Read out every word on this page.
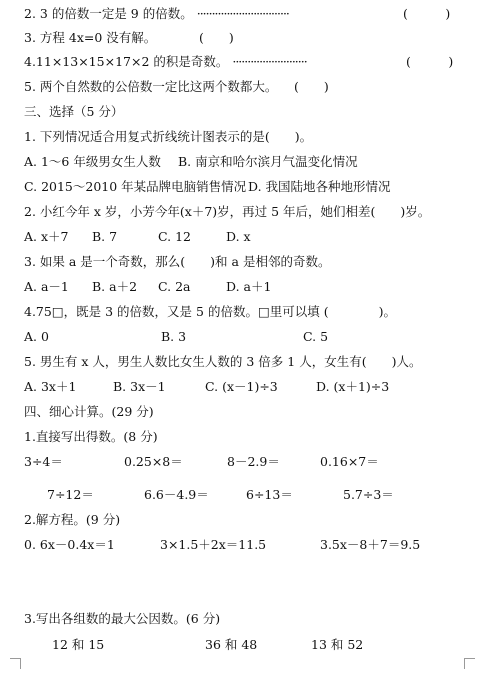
2. 3 的倍数一定是 9 的倍数。 ·······························	(　　　)
3. 方程 4x=0 没有解。	(　　)
4.11×13×15×17×2 的积是奇数。 ·························	(　　　)
5. 两个自然数的公倍数一定比这两个数都大。 (　　)
三、选择（5 分）
1. 下列情况适合用复式折线统计图表示的是(　　)。
A. 1～6 年级男女生人数 B. 南京和哈尔滨月气温变化情况
C. 2015～2010 年某品牌电脑销售情况 D. 我国陆地各种地形情况
2. 小红今年 x 岁，小芳今年(x＋7)岁，再过 5 年后，她们相差(　　)岁。
A. x＋7 B. 7	C. 12	D. x
3. 如果 a 是一个奇数，那么(　　)和 a 是相邻的奇数。
A. a－1 B. a＋2 C. 2a	D. a＋1
4.75□，既是 3 的倍数，又是 5 的倍数。□里可以填 (　　　　)。
A. 0	B. 3	C. 5
5. 男生有 x 人，男生人数比女生人数的 3 倍多 1 人，女生有(　　)人。
A. 3x＋1	B. 3x－1	C. (x－1)÷3	D. (x＋1)÷3
四、细心计算。(29 分)
1.直接写出得数。(8 分)
3÷4＝	0.25×8＝	8－2.9＝	0.16×7＝
7÷12＝	6.6－4.9＝	6÷13＝	5.7÷3＝
2.解方程。(9 分)
0. 6x－0.4x＝1	3×1.5＋2x＝11.5	3.5x－8＋7＝9.5
3.写出各组数的最大公因数。(6 分)
12 和 15	36 和 48	13 和 52
